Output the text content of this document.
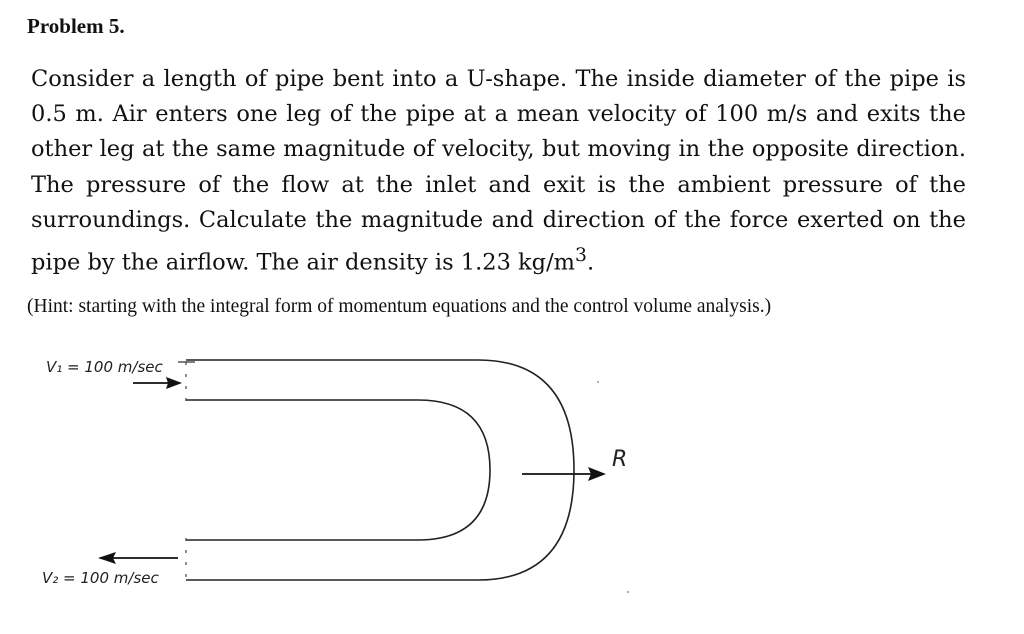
Problem 5.

Consider a length of pipe bent into a U-shape. The inside diameter of the pipe is 0.5 m. Air enters one leg of the pipe at a mean velocity of 100 m/s and exits the other leg at the same magnitude of velocity, but moving in the opposite direction. The pressure of the flow at the inlet and exit is the ambient pressure of the surroundings. Calculate the magnitude and direction of the force exerted on the pipe by the airflow. The air density is 1.23 $kg/m^3$.

(Hint: starting with the integral form of momentum equations and the control volume analysis.)

V₁ = 100 m/sec
V₂ = 100 m/sec
R
